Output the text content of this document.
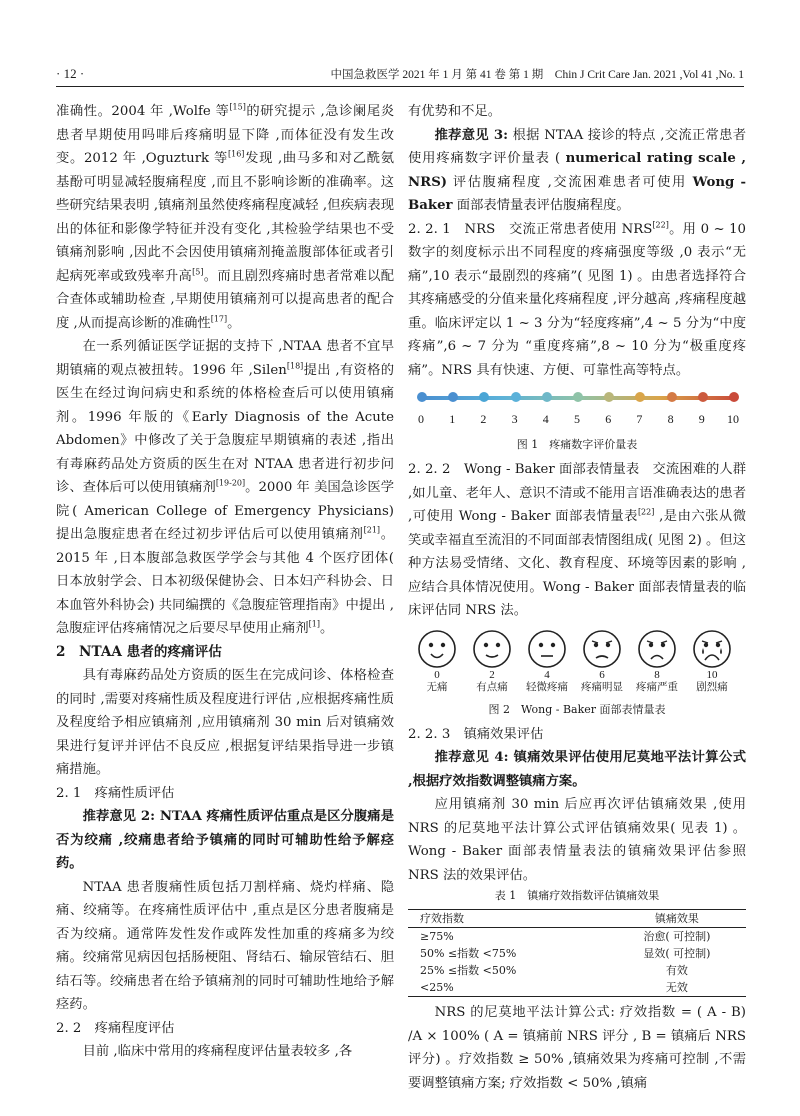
· 12 ·	中国急救医学 2021 年 1 月 第 41 卷 第 1 期　Chin J Crit Care Jan. 2021 ,Vol 41 ,No. 1

准确性。2004 年 ,Wolfe 等[15]的研究提示 ,急诊阑尾炎患者早期使用吗啡后疼痛明显下降 ,而体征没有发生改变。2012 年 ,Oguzturk 等[16]发现 ,曲马多和对乙酰氨基酚可明显减轻腹痛程度 ,而且不影响诊断的准确率。这些研究结果表明 ,镇痛剂虽然使疼痛程度减轻 ,但疾病表现出的体征和影像学特征并没有变化 ,其检验学结果也不受镇痛剂影响 ,因此不会因使用镇痛剂掩盖腹部体征或者引起病死率或致残率升高[5]。而且剧烈疼痛时患者常难以配合查体或辅助检查 ,早期使用镇痛剂可以提高患者的配合度 ,从而提高诊断的准确性[17]。

在一系列循证医学证据的支持下 ,NTAA 患者不宜早期镇痛的观点被扭转。1996 年 ,Silen[18]提出 ,有资格的医生在经过询问病史和系统的体格检查后可以使用镇痛剂。1996 年版的《Early Diagnosis of the Acute Abdomen》中修改了关于急腹症早期镇痛的表述 ,指出有毒麻药品处方资质的医生在对 NTAA 患者进行初步问诊、查体后可以使用镇痛剂[19-20]。2000 年 美国急诊医学院( American College of Emergency Physicians) 提出急腹症患者在经过初步评估后可以使用镇痛剂[21]。2015 年 ,日本腹部急救医学学会与其他 4 个医疗团体( 日本放射学会、日本初级保健协会、日本妇产科协会、日本血管外科协会) 共同编撰的《急腹症管理指南》中提出 ,急腹症评估疼痛情况之后要尽早使用止痛剂[1]。

2　NTAA 患者的疼痛评估

具有毒麻药品处方资质的医生在完成问诊、体格检查的同时 ,需要对疼痛性质及程度进行评估 ,应根据疼痛性质及程度给予相应镇痛剂 ,应用镇痛剂 30 min 后对镇痛效果进行复评并评估不良反应 ,根据复评结果指导进一步镇痛措施。

2. 1　疼痛性质评估

推荐意见 2: NTAA 疼痛性质评估重点是区分腹痛是否为绞痛 ,绞痛患者给予镇痛的同时可辅助性给予解痉药。

NTAA 患者腹痛性质包括刀割样痛、烧灼样痛、隐痛、绞痛等。在疼痛性质评估中 ,重点是区分患者腹痛是否为绞痛。通常阵发性发作或阵发性加重的疼痛多为绞痛。绞痛常见病因包括肠梗阻、肾结石、输尿管结石、胆结石等。绞痛患者在给予镇痛剂的同时可辅助性地给予解痉药。

2. 2　疼痛程度评估

目前 ,临床中常用的疼痛程度评估量表较多 ,各

有优势和不足。

推荐意见 3: 根据 NTAA 接诊的特点 ,交流正常患者使用疼痛数字评价量表 ( numerical rating scale , NRS) 评估腹痛程度 ,交流困难患者可使用 Wong - Baker 面部表情量表评估腹痛程度。

2. 2. 1　NRS　交流正常患者使用 NRS[22]。用 0 ~ 10 数字的刻度标示出不同程度的疼痛强度等级 ,0 表示“无痛”,10 表示“最剧烈的疼痛”( 见图 1) 。由患者选择符合其疼痛感受的分值来量化疼痛程度 ,评分越高 ,疼痛程度越重。临床评定以 1 ~ 3 分为“轻度疼痛”,4 ~ 5 分为“中度疼痛”,6 ~ 7 分为 “重度疼痛”,8 ~ 10 分为“极重度疼痛”。NRS 具有快速、方便、可靠性高等特点。

0 1 2 3 4 5 6 7 8 9 10
图 1　疼痛数字评价量表

2. 2. 2　Wong - Baker 面部表情量表　交流困难的人群 ,如儿童、老年人、意识不清或不能用言语准确表达的患者 ,可使用 Wong - Baker 面部表情量表[22] ,是由六张从微笑或幸福直至流泪的不同面部表情图组成( 见图 2) 。但这种方法易受情绪、文化、教育程度、环境等因素的影响 ,应结合具体情况使用。Wong - Baker 面部表情量表的临床评估同 NRS 法。

0
无痛
2
有点痛
4
轻微疼痛
6
疼痛明显
8
疼痛严重
10
剧烈痛
图 2　Wong - Baker 面部表情量表
2. 2. 3　镇痛效果评估

推荐意见 4: 镇痛效果评估使用尼莫地平法计算公式 ,根据疗效指数调整镇痛方案。

应用镇痛剂 30 min 后应再次评估镇痛效果 ,使用 NRS 的尼莫地平法计算公式评估镇痛效果( 见表 1) 。Wong - Baker 面部表情量表法的镇痛效果评估参照 NRS 法的效果评估。

表 1　镇痛疗效指数评估镇痛效果
疗效指数	镇痛效果
≥75%	治愈( 可控制)
50% ≤指数 <75%	显效( 可控制)
25% ≤指数 <50%	有效
<25%	无效

NRS 的尼莫地平法计算公式: 疗效指数 = ( A - B) /A × 100% ( A = 镇痛前 NRS 评分 , B = 镇痛后 NRS 评分) 。疗效指数 ≥ 50% ,镇痛效果为疼痛可控制 ,不需要调整镇痛方案; 疗效指数 < 50% ,镇痛
